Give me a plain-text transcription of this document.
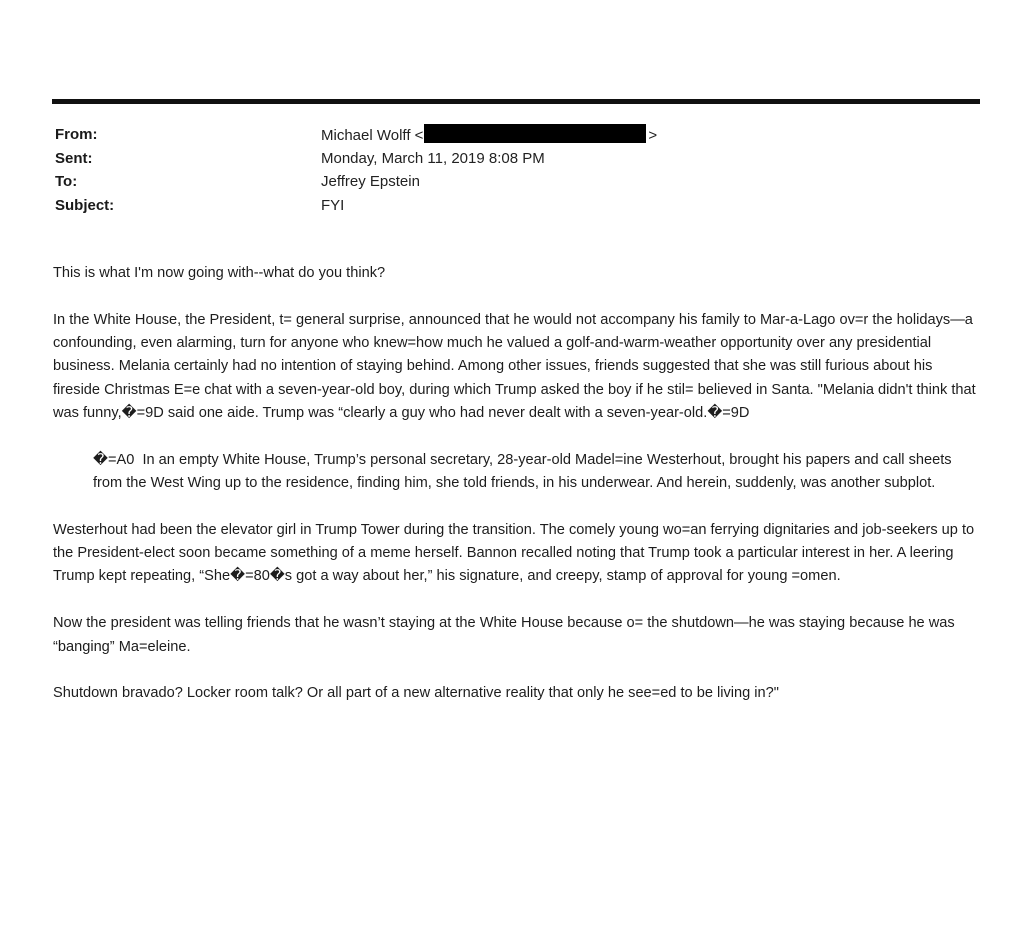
From:	Michael Wolff <	>
Sent:	Monday, March 11, 2019 8:08 PM
To:	Jeffrey Epstein
Subject:	FYI

This is what I'm now going with--what do you think?

In the White House, the President, t= general surprise, announced that he would not accompany his family to Mar-a-Lago ov=r the holidays—a confounding, even alarming, turn for anyone who knew=how much he valued a golf-and-warm-weather opportunity over any presidential business. Melania certainly had no intention of staying behind. Among other issues, friends suggested that she was still furious about his fireside Christmas E=e chat with a seven-year-old boy, during which Trump asked the boy if he stil= believed in Santa. "Melania didn't think that was funny,�=9D said one aide. Trump was “clearly a guy who had never dealt with a seven-year-old.�=9D

�=A0  In an empty White House, Trump’s personal secretary, 28-year-old Madel=ine Westerhout, brought his papers and call sheets from the West Wing up to the residence, finding him, she told friends, in his underwear. And herein, suddenly, was another subplot.

Westerhout had been the elevator girl in Trump Tower during the transition. The comely young wo=an ferrying dignitaries and job-seekers up to the President-elect soon became something of a meme herself. Bannon recalled noting that Trump took a particular interest in her. A leering Trump kept repeating, “She�=80�s got a way about her,” his signature, and creepy, stamp of approval for young =omen.

Now the president was telling friends that he wasn’t staying at the White House because o= the shutdown—he was staying because he was “banging” Ma=eleine.

Shutdown bravado? Locker room talk? Or all part of a new alternative reality that only he see=ed to be living in?"
